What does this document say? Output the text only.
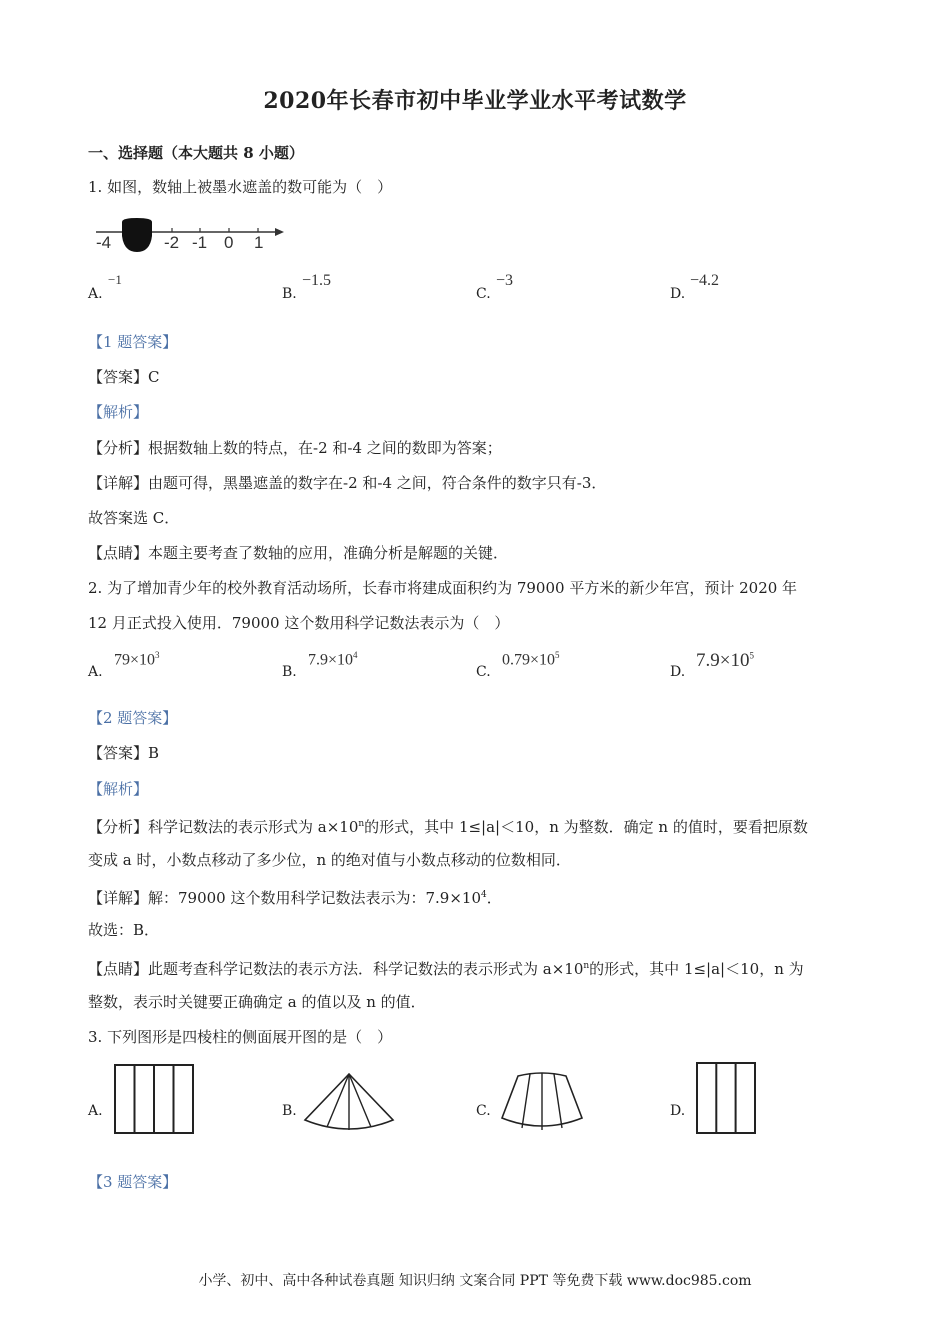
2020年长春市初中毕业学业水平考试数学
一、选择题（本大题共 8 小题）
1. 如图，数轴上被墨水遮盖的数可能为（　）
-4	-2 -1 0 1
A.
−1
B.
−1.5
C.
−3
D.
−4.2
【1 题答案】
【答案】C
【解析】
【分析】根据数轴上数的特点，在-2 和-4 之间的数即为答案；
【详解】由题可得，黑墨遮盖的数字在-2 和-4 之间，符合条件的数字只有-3．
故答案选 C．
【点睛】本题主要考查了数轴的应用，准确分析是解题的关键．
2. 为了增加青少年的校外教育活动场所，长春市将建成面积约为 79000 平方米的新少年宫，预计 2020 年
12 月正式投入使用．79000 这个数用科学记数法表示为（　）
A.
$79\times 10^3$
B.
$7.9\times 10^4$
C.
$0.79\times 10^5$
D.
$7.9\times 10^5$
【2 题答案】
【答案】B
【解析】
【分析】科学记数法的表示形式为 $a\times 10^n$的形式，其中 1≤|a|＜10，n 为整数．确定 n 的值时，要看把原数
变成 a 时，小数点移动了多少位，n 的绝对值与小数点移动的位数相同．
【详解】解：79000 这个数用科学记数法表示为：$7.9\times 10^4$．
故选：B．
【点睛】此题考查科学记数法的表示方法．科学记数法的表示形式为 $a\times 10^n$的形式，其中 1≤|a|＜10，n 为
整数，表示时关键要正确确定 a 的值以及 n 的值．
3. 下列图形是四棱柱的侧面展开图的是（　）
A.	B.	C.	D.
【3 题答案】
小学、初中、高中各种试卷真题 知识归纳 文案合同 PPT 等免费下载 www.doc985.com
